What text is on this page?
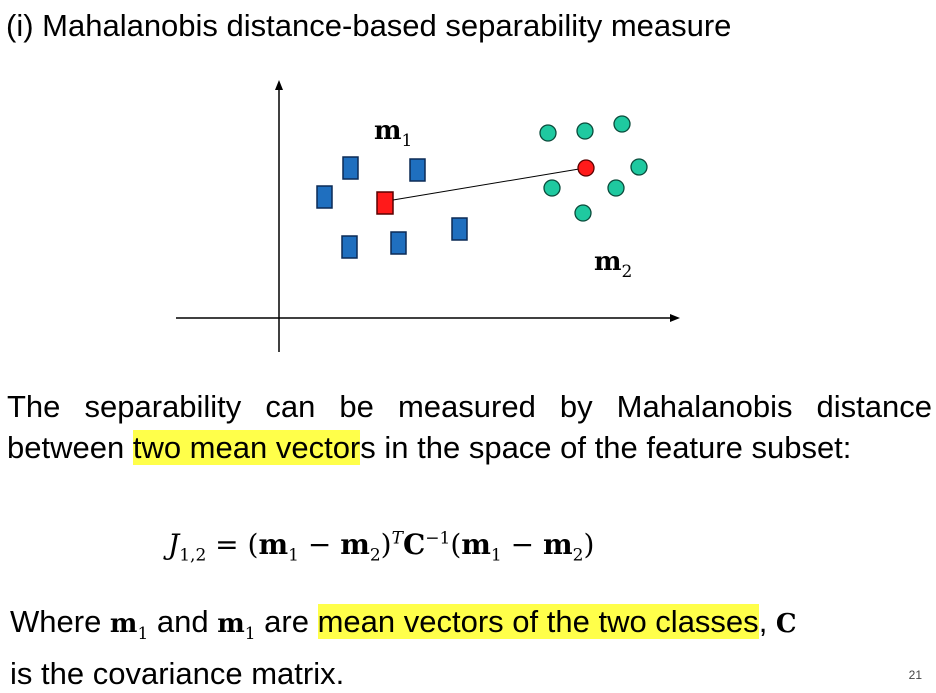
(i) Mahalanobis distance-based separability measure
m1
m2
The separability can be measured by Mahalanobis distance between two mean vectors in the space of the feature subset:
$J_{1,2} = (m_1 - m_2)^TC^{-1}(m_1 - m_2)$
Where $m_1$ and $m_1$ are mean vectors of the two classes, C
is the covariance matrix.	21
